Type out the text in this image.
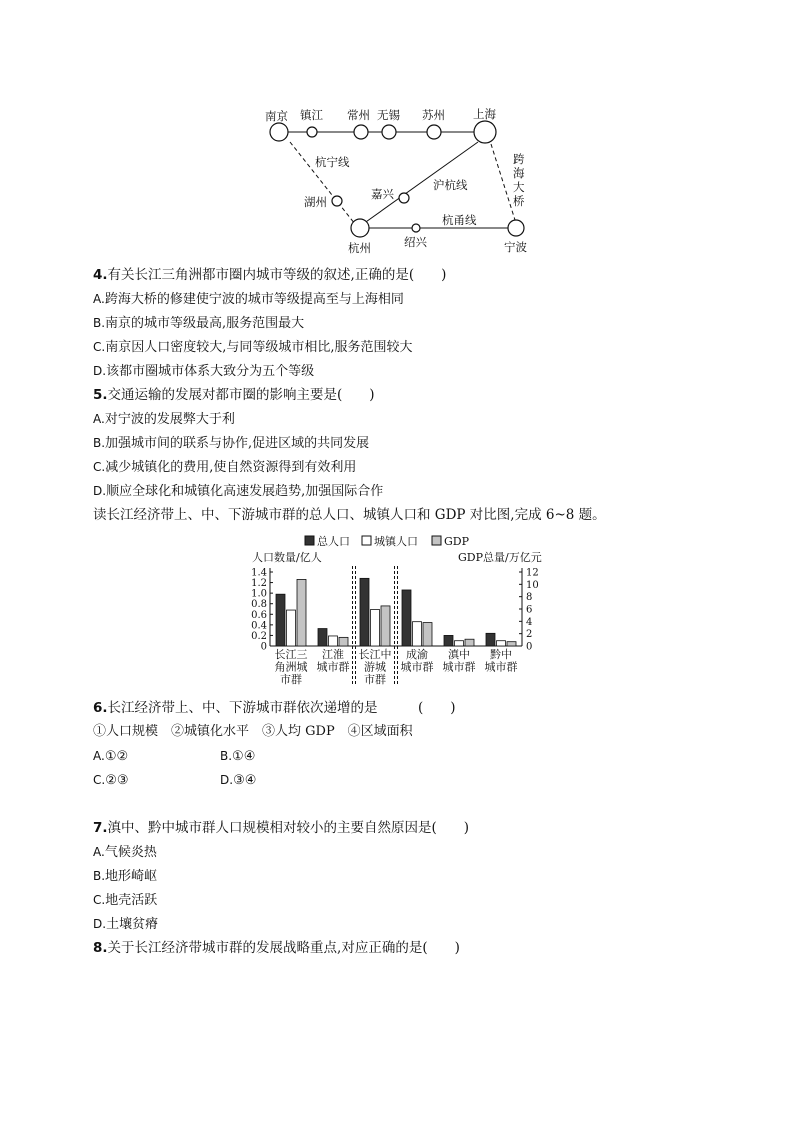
南京 镇江 常州 无锡 苏州 上海
湖州
嘉兴
杭州	绍兴	宁波
杭宁线
沪杭线
杭甬线
跨
海
大
桥
4.有关长江三角洲都市圈内城市等级的叙述,正确的是(　　)
A.跨海大桥的修建使宁波的城市等级提高至与上海相同
B.南京的城市等级最高,服务范围最大
C.南京因人口密度较大,与同等级城市相比,服务范围较大
D.该都市圈城市体系大致分为五个等级
5.交通运输的发展对都市圈的影响主要是(　　)
A.对宁波的发展弊大于利
B.加强城市间的联系与协作,促进区域的共同发展
C.减少城镇化的费用,使自然资源得到有效利用
D.顺应全球化和城镇化高速发展趋势,加强国际合作
读长江经济带上、中、下游城市群的总人口、城镇人口和 GDP 对比图,完成 6~8 题。
总人口 城镇人口 GDP
人口数量/亿人	GDP总量/万亿元
0
0.2
0.4
0.6
0.8
1.0
1.2
1.4
0
2
4
6
8
10
12
长江三
角洲城
市群
江淮
城市群
长江中
游城
市群
成渝
城市群
滇中
城市群
黔中
城市群
6.长江经济带上、中、下游城市群依次递增的是　　　(　　)
①人口规模　②城镇化水平　③人均 GDP　④区域面积
A.①②	B.①④
C.②③	D.③④
7.滇中、黔中城市群人口规模相对较小的主要自然原因是(　　)
A.气候炎热
B.地形崎岖
C.地壳活跃
D.土壤贫瘠
8.关于长江经济带城市群的发展战略重点,对应正确的是(　　)
